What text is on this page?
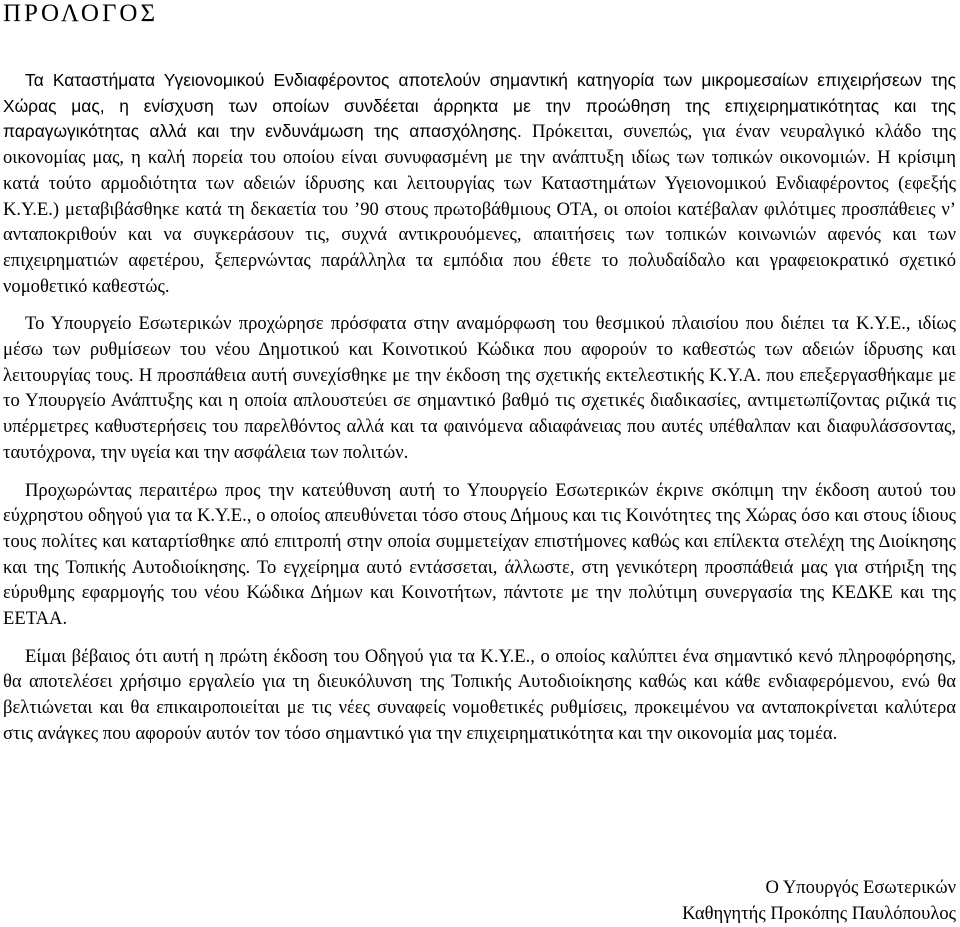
ΠΡΟΛΟΓΟΣ

Τα Καταστήματα Υγειονομικού Ενδιαφέροντος αποτελούν σημαντική κατηγορία των μικρομεσαίων επιχειρήσεων της Χώρας μας, η ενίσχυση των οποίων συνδέεται άρρηκτα με την προώθηση της επιχειρηματικότητας και της παραγωγικότητας αλλά και την ενδυνάμωση της απασχόλησης. Πρόκειται, συνεπώς, για έναν νευραλγικό κλάδο της οικονομίας μας, η καλή πορεία του οποίου είναι συνυφασμένη με την ανάπτυξη ιδίως των τοπικών οικονομιών. Η κρίσιμη κατά τούτο αρμοδιότητα των αδειών ίδρυσης και λειτουργίας των Καταστημάτων Υγειονομικού Ενδιαφέροντος (εφεξής Κ.Υ.Ε.) μεταβιβάσθηκε κατά τη δεκαετία του ’90 στους πρωτοβάθμιους ΟΤΑ, οι οποίοι κατέβαλαν φιλότιμες προσπάθειες ν’ ανταποκριθούν και να συγκεράσουν τις, συχνά αντικρουόμενες, απαιτήσεις των τοπικών κοινωνιών αφενός και των επιχειρηματιών αφετέρου, ξεπερνώντας παράλληλα τα εμπόδια που έθετε το πολυδαίδαλο και γραφειοκρατικό σχετικό νομοθετικό καθεστώς.

Το Υπουργείο Εσωτερικών προχώρησε πρόσφατα στην αναμόρφωση του θεσμικού πλαισίου που διέπει τα Κ.Υ.Ε., ιδίως μέσω των ρυθμίσεων του νέου Δημοτικού και Κοινοτικού Κώδικα που αφορούν το καθεστώς των αδειών ίδρυσης και λειτουργίας τους. Η προσπάθεια αυτή συνεχίσθηκε με την έκδοση της σχετικής εκτελεστικής Κ.Υ.Α. που επεξεργασθήκαμε με το Υπουργείο Ανάπτυξης και η οποία απλουστεύει σε σημαντικό βαθμό τις σχετικές διαδικασίες, αντιμετωπίζοντας ριζικά τις υπέρμετρες καθυστερήσεις του παρελθόντος αλλά και τα φαινόμενα αδιαφάνειας που αυτές υπέθαλπαν και διαφυλάσσοντας, ταυτόχρονα, την υγεία και την ασφάλεια των πολιτών.

Προχωρώντας περαιτέρω προς την κατεύθυνση αυτή το Υπουργείο Εσωτερικών έκρινε σκόπιμη την έκδοση αυτού του εύχρηστου οδηγού για τα Κ.Υ.Ε., ο οποίος απευθύνεται τόσο στους Δήμους και τις Κοινότητες της Χώρας όσο και στους ίδιους τους πολίτες και καταρτίσθηκε από επιτροπή στην οποία συμμετείχαν επιστήμονες καθώς και επίλεκτα στελέχη της Διοίκησης και της Τοπικής Αυτοδιοίκησης. Το εγχείρημα αυτό εντάσσεται, άλλωστε, στη γενικότερη προσπάθειά μας για στήριξη της εύρυθμης εφαρμογής του νέου Κώδικα Δήμων και Κοινοτήτων, πάντοτε με την πολύτιμη συνεργασία της ΚΕΔΚΕ και της ΕΕΤΑΑ.

Είμαι βέβαιος ότι αυτή η πρώτη έκδοση του Οδηγού για τα Κ.Υ.Ε., ο οποίος καλύπτει ένα σημαντικό κενό πληροφόρησης, θα αποτελέσει χρήσιμο εργαλείο για τη διευκόλυνση της Τοπικής Αυτοδιοίκησης καθώς και κάθε ενδιαφερόμενου, ενώ θα βελτιώνεται και θα επικαιροποιείται με τις νέες συναφείς νομοθετικές ρυθμίσεις, προκειμένου να ανταποκρίνεται καλύτερα στις ανάγκες που αφορούν αυτόν τον τόσο σημαντικό για την επιχειρηματικότητα και την οικονομία μας τομέα.

Ο Υπουργός Εσωτερικών
Καθηγητής Προκόπης Παυλόπουλος
